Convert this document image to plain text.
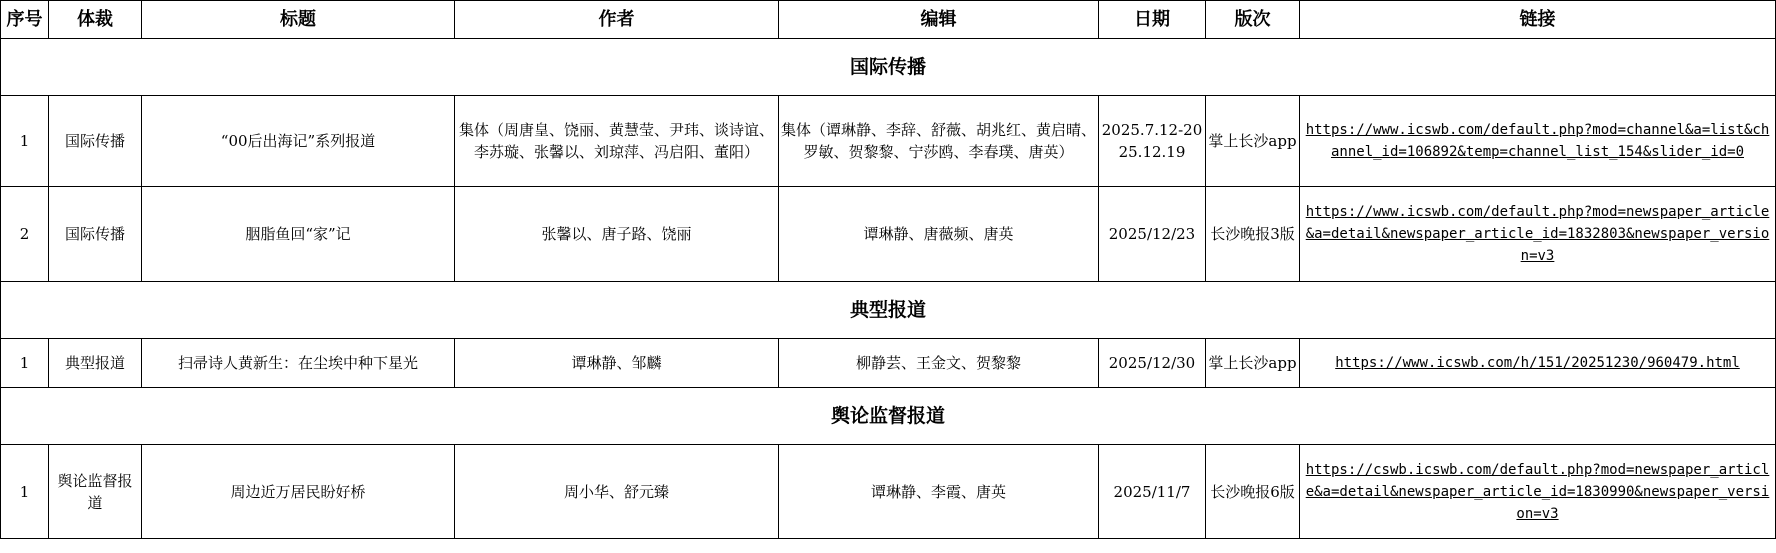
序号	体裁	标题	作者	编辑	日期	版次	链接
国际传播							
1	国际传播	“00后出海记”系列报道	集体（周唐皇、饶丽、黄慧莹、尹玮、谈诗谊、李苏璇、张馨以、刘琼萍、冯启阳、董阳）	集体（谭琳静、李辞、舒薇、胡兆红、黄启晴、罗敏、贺黎黎、宁莎鸥、李春璞、唐英）	2025.7.12-2025.12.19	掌上长沙app	https://www.icswb.com/default.php?mod=channel&a=list&channel_id=106892&temp=channel_list_154&slider_id=0
2	国际传播	胭脂鱼回“家”记	张馨以、唐子路、饶丽	谭琳静、唐薇频、唐英	2025/12/23	长沙晚报3版	https://www.icswb.com/default.php?mod=newspaper_article&a=detail&newspaper_article_id=1832803&newspaper_version=v3
典型报道							
1	典型报道	扫帚诗人黄新生：在尘埃中种下星光	谭琳静、邹麟	柳静芸、王金文、贺黎黎	2025/12/30	掌上长沙app	https://www.icswb.com/h/151/20251230/960479.html
舆论监督报道							
1	舆论监督报道	周边近万居民盼好桥	周小华、舒元臻	谭琳静、李霞、唐英	2025/11/7	长沙晚报6版	https://cswb.icswb.com/default.php?mod=newspaper_article&a=detail&newspaper_article_id=1830990&newspaper_version=v3
